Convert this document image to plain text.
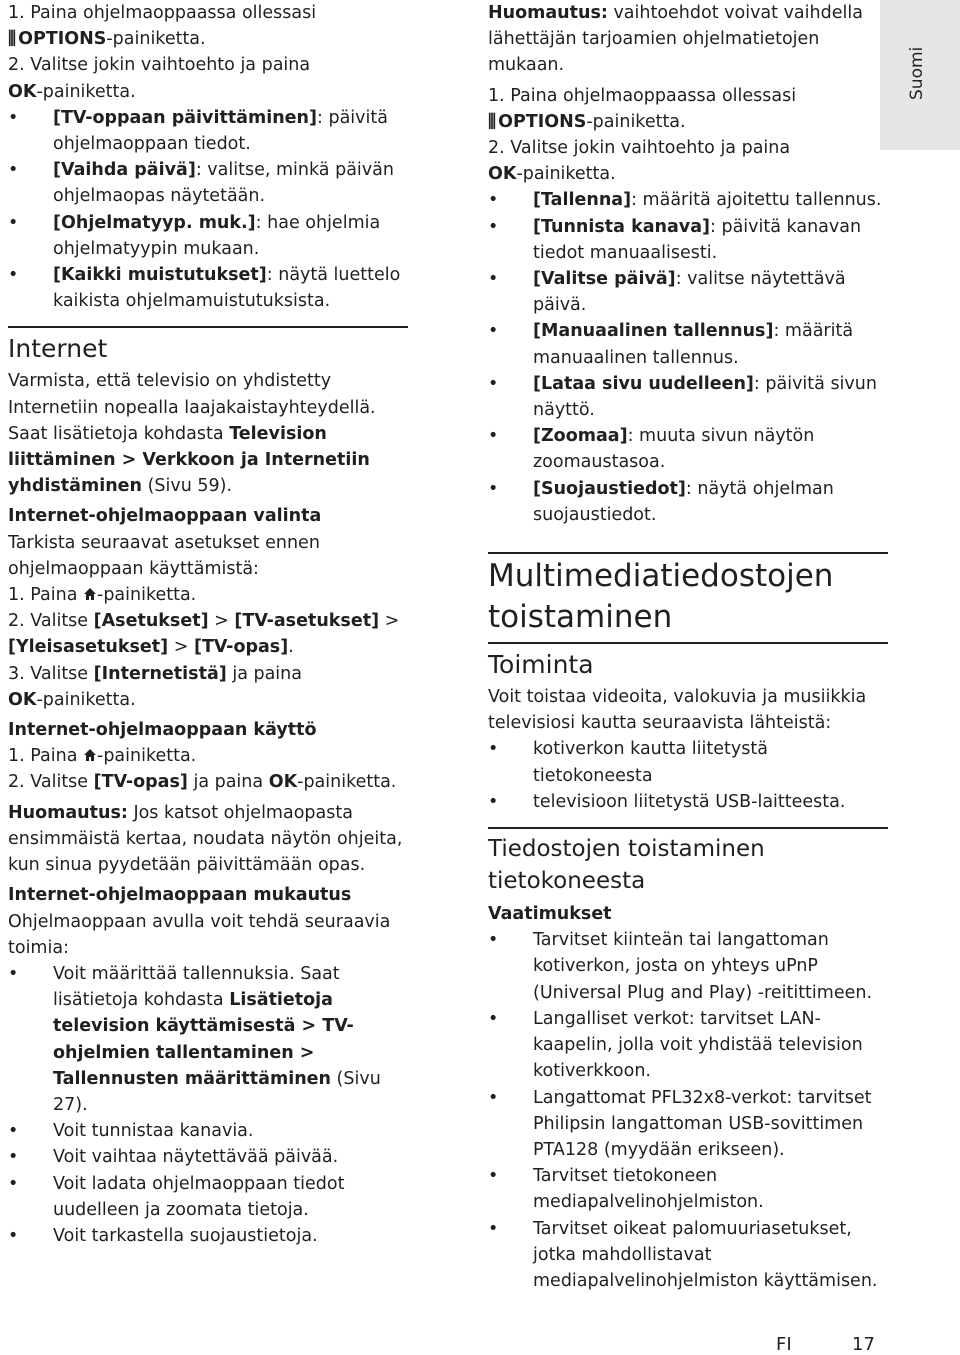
Suomi

1. Paina ohjelmaoppaassa ollessasi
⫼ OPTIONS-painiketta.

2. Valitse jokin vaihtoehto ja paina
OK-painiketta.

• [TV-oppaan päivittäminen]: päivitä ohjelmaoppaan tiedot.
• [Vaihda päivä]: valitse, minkä päivän ohjelmaopas näytetään.
• [Ohjelmatyyp. muk.]: hae ohjelmia ohjelmatyypin mukaan.
• [Kaikki muistutukset]: näytä luettelo kaikista ohjelmamuistutuksista.
Internet

Varmista, että televisio on yhdistetty Internetiin nopealla laajakaistayhteydellä. Saat lisätietoja kohdasta Television liittäminen > Verkkoon ja Internetiin yhdistäminen (Sivu 59).

Internet-ohjelmaoppaan valinta

Tarkista seuraavat asetukset ennen ohjelmaoppaan käyttämistä:

1. Paina -painiketta.

2. Valitse [Asetukset] > [TV-asetukset] > [Yleisasetukset] > [TV-opas].

3. Valitse [Internetistä] ja paina
OK-painiketta.

Internet-ohjelmaoppaan käyttö

1. Paina -painiketta.

2. Valitse [TV-opas] ja paina OK-painiketta.

Huomautus: Jos katsot ohjelmaopasta ensimmäistä kertaa, noudata näytön ohjeita, kun sinua pyydetään päivittämään opas.

Internet-ohjelmaoppaan mukautus

Ohjelmaoppaan avulla voit tehdä seuraavia toimia:

• Voit määrittää tallennuksia. Saat lisätietoja kohdasta Lisätietoja television käyttämisestä > TV-ohjelmien tallentaminen > Tallennusten määrittäminen (Sivu 27).
• Voit tunnistaa kanavia.
• Voit vaihtaa näytettävää päivää.
• Voit ladata ohjelmaoppaan tiedot uudelleen ja zoomata tietoja.
• Voit tarkastella suojaustietoja.

Huomautus: vaihtoehdot voivat vaihdella lähettäjän tarjoamien ohjelmatietojen mukaan.

1. Paina ohjelmaoppaassa ollessasi
⫼ OPTIONS-painiketta.

2. Valitse jokin vaihtoehto ja paina
OK-painiketta.

• [Tallenna]: määritä ajoitettu tallennus.
• [Tunnista kanava]: päivitä kanavan tiedot manuaalisesti.
• [Valitse päivä]: valitse näytettävä päivä.
• [Manuaalinen tallennus]: määritä manuaalinen tallennus.
• [Lataa sivu uudelleen]: päivitä sivun näyttö.
• [Zoomaa]: muuta sivun näytön zoomaustasoa.
• [Suojaustiedot]: näytä ohjelman suojaustiedot.
Multimediatiedostojen toistaminen
Toiminta

Voit toistaa videoita, valokuvia ja musiikkia televisiosi kautta seuraavista lähteistä:

• kotiverkon kautta liitetystä tietokoneesta
• televisioon liitetystä USB-laitteesta.
Tiedostojen toistaminen tietokoneesta

Vaatimukset

• Tarvitset kiinteän tai langattoman kotiverkon, josta on yhteys uPnP (Universal Plug and Play) -reitittimeen.
• Langalliset verkot: tarvitset LAN-kaapelin, jolla voit yhdistää television kotiverkkoon.
• Langattomat PFL32x8-verkot: tarvitset Philipsin langattoman USB-sovittimen PTA128 (myydään erikseen).
• Tarvitset tietokoneen mediapalvelinohjelmiston.
• Tarvitset oikeat palomuuriasetukset, jotka mahdollistavat mediapalvelinohjelmiston käyttämisen.
FI	17
